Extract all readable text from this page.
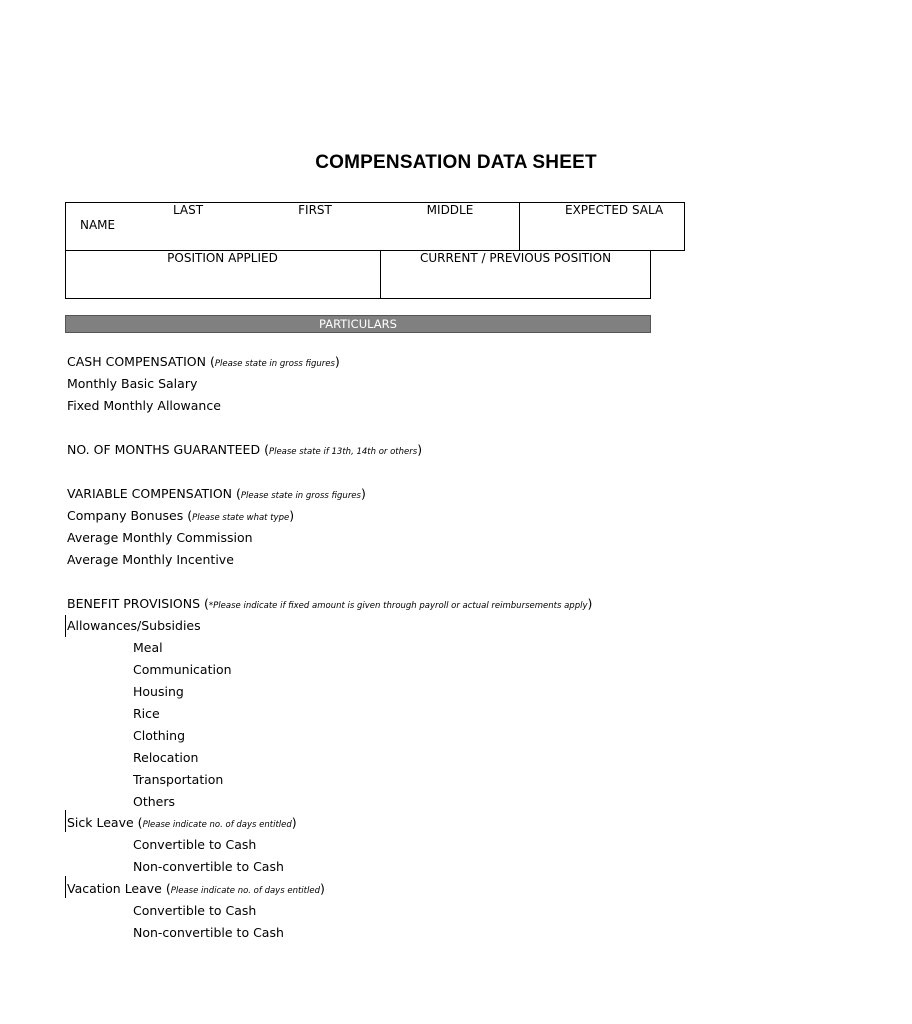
COMPENSATION DATA SHEET
LAST	FIRST	MIDDLE	EXPECTED SALA
NAME
POSITION APPLIED	CURRENT / PREVIOUS POSITION
PARTICULARS
CASH COMPENSATION (Please state in gross figures)
Monthly Basic Salary
Fixed Monthly Allowance
NO. OF MONTHS GUARANTEED (Please state if 13th, 14th or others)
VARIABLE COMPENSATION (Please state in gross figures)
Company Bonuses (Please state what type)
Average Monthly Commission
Average Monthly Incentive
BENEFIT PROVISIONS (*Please indicate if fixed amount is given through payroll or actual reimbursements apply)
Allowances/Subsidies
Meal
Communication
Housing
Rice
Clothing
Relocation
Transportation
Others
Sick Leave (Please indicate no. of days entitled)
Convertible to Cash
Non-convertible to Cash
Vacation Leave (Please indicate no. of days entitled)
Convertible to Cash
Non-convertible to Cash
